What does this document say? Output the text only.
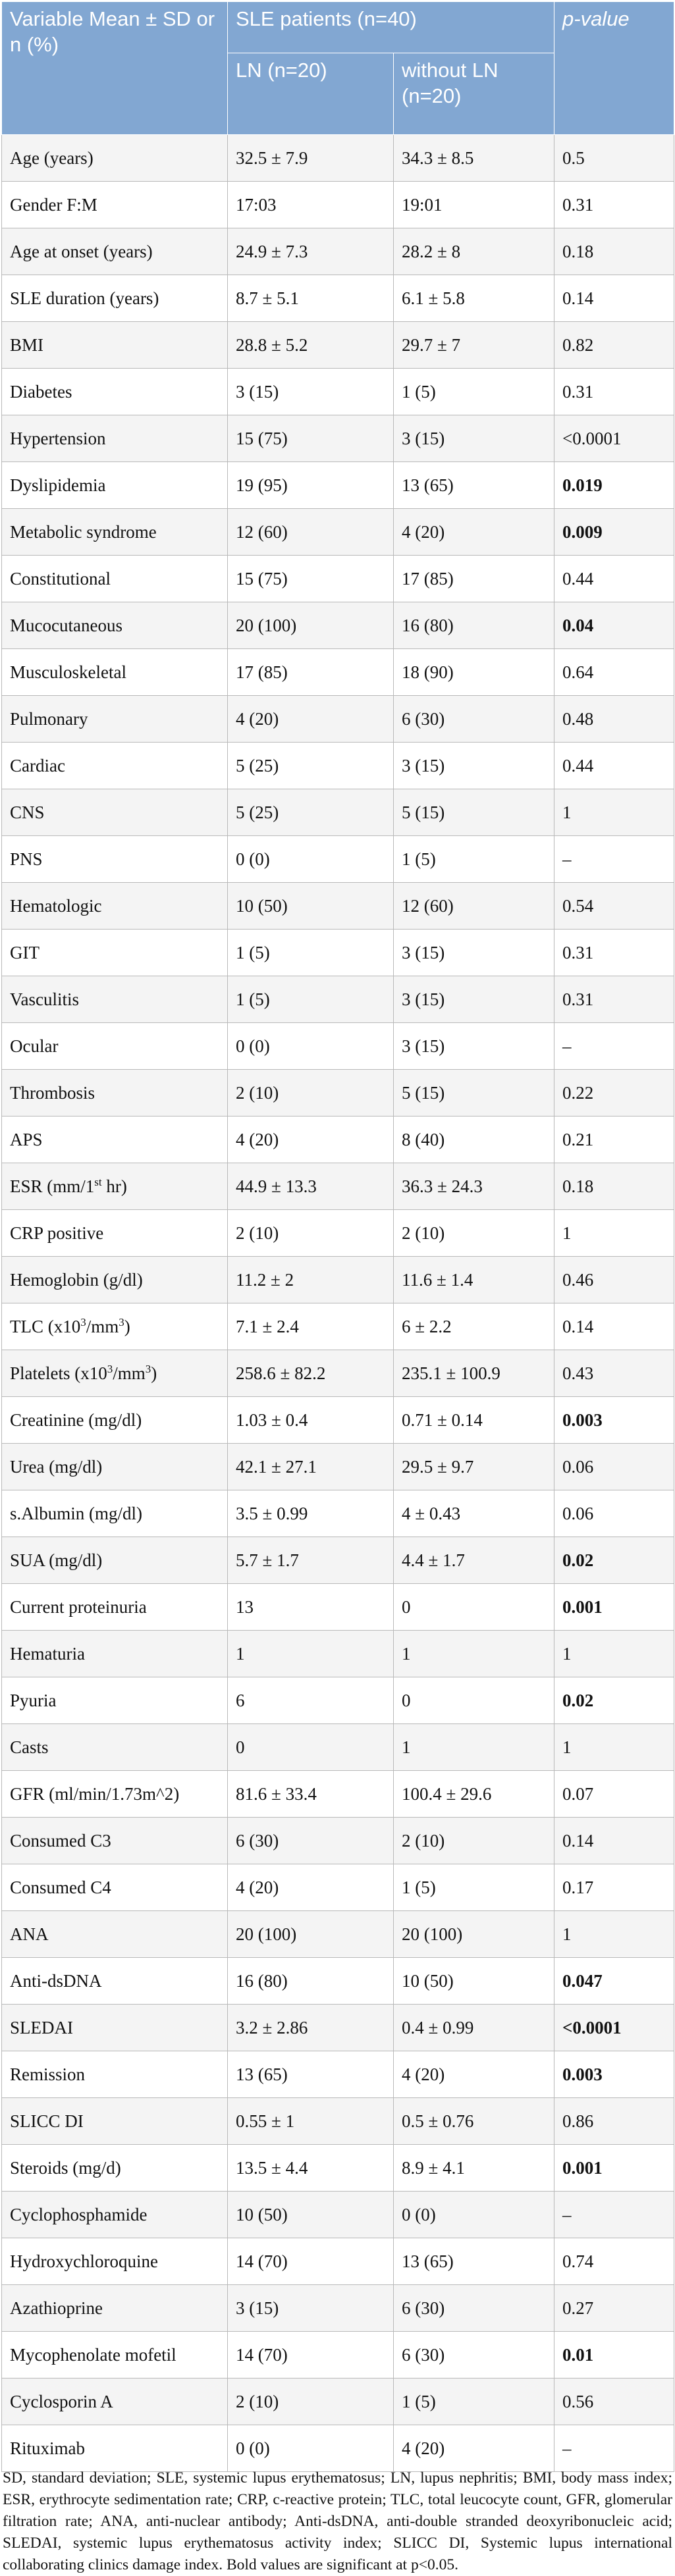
Variable Mean ± SD or n (%)	SLE patients (n=40)		p-value
	LN (n=20)	without LN (n=20)	
Age (years)	32.5 ± 7.9	34.3 ± 8.5	0.5
Gender F:M	17:03	19:01	0.31
Age at onset (years)	24.9 ± 7.3	28.2 ± 8	0.18
SLE duration (years)	8.7 ± 5.1	6.1 ± 5.8	0.14
BMI	28.8 ± 5.2	29.7 ± 7	0.82
Diabetes	3 (15)	1 (5)	0.31
Hypertension	15 (75)	3 (15)	<0.0001
Dyslipidemia	19 (95)	13 (65)	0.019
Metabolic syndrome	12 (60)	4 (20)	0.009
Constitutional	15 (75)	17 (85)	0.44
Mucocutaneous	20 (100)	16 (80)	0.04
Musculoskeletal	17 (85)	18 (90)	0.64
Pulmonary	4 (20)	6 (30)	0.48
Cardiac	5 (25)	3 (15)	0.44
CNS	5 (25)	5 (15)	1
PNS	0 (0)	1 (5)	–
Hematologic	10 (50)	12 (60)	0.54
GIT	1 (5)	3 (15)	0.31
Vasculitis	1 (5)	3 (15)	0.31
Ocular	0 (0)	3 (15)	–
Thrombosis	2 (10)	5 (15)	0.22
APS	4 (20)	8 (40)	0.21
ESR (mm/1st hr)	44.9 ± 13.3	36.3 ± 24.3	0.18
CRP positive	2 (10)	2 (10)	1
Hemoglobin (g/dl)	11.2 ± 2	11.6 ± 1.4	0.46
TLC $(x10^3/mm^3)$	7.1 ± 2.4	6 ± 2.2	0.14
Platelets $(x10^3/mm^3)$	258.6 ± 82.2	235.1 ± 100.9	0.43
Creatinine (mg/dl)	1.03 ± 0.4	0.71 ± 0.14	0.003
Urea (mg/dl)	42.1 ± 27.1	29.5 ± 9.7	0.06
s.Albumin (mg/dl)	3.5 ± 0.99	4 ± 0.43	0.06
SUA (mg/dl)	5.7 ± 1.7	4.4 ± 1.7	0.02
Current proteinuria	13	0	0.001
Hematuria	1	1	1
Pyuria	6	0	0.02
Casts	0	1	1
GFR (ml/min/1.73m^2)	81.6 ± 33.4	100.4 ± 29.6	0.07
Consumed C3	6 (30)	2 (10)	0.14
Consumed C4	4 (20)	1 (5)	0.17
ANA	20 (100)	20 (100)	1
Anti-dsDNA	16 (80)	10 (50)	0.047
SLEDAI	3.2 ± 2.86	0.4 ± 0.99	<0.0001
Remission	13 (65)	4 (20)	0.003
SLICC DI	0.55 ± 1	0.5 ± 0.76	0.86
Steroids (mg/d)	13.5 ± 4.4	8.9 ± 4.1	0.001
Cyclophosphamide	10 (50)	0 (0)	–
Hydroxychloroquine	14 (70)	13 (65)	0.74
Azathioprine	3 (15)	6 (30)	0.27
Mycophenolate mofetil	14 (70)	6 (30)	0.01
Cyclosporin A	2 (10)	1 (5)	0.56
Rituximab	0 (0)	4 (20)	–
SD, standard deviation; SLE, systemic lupus erythematosus; LN, lupus nephritis; BMI, body mass index; ESR, erythrocyte sedimentation rate; CRP, c-reactive protein; TLC, total leucocyte count, GFR, glomerular filtration rate; ANA, anti-nuclear antibody; Anti-dsDNA, anti-double stranded deoxyribonucleic acid; SLEDAI, systemic lupus erythematosus activity index; SLICC DI, Systemic lupus international collaborating clinics damage index. Bold values are significant at p<0.05.
